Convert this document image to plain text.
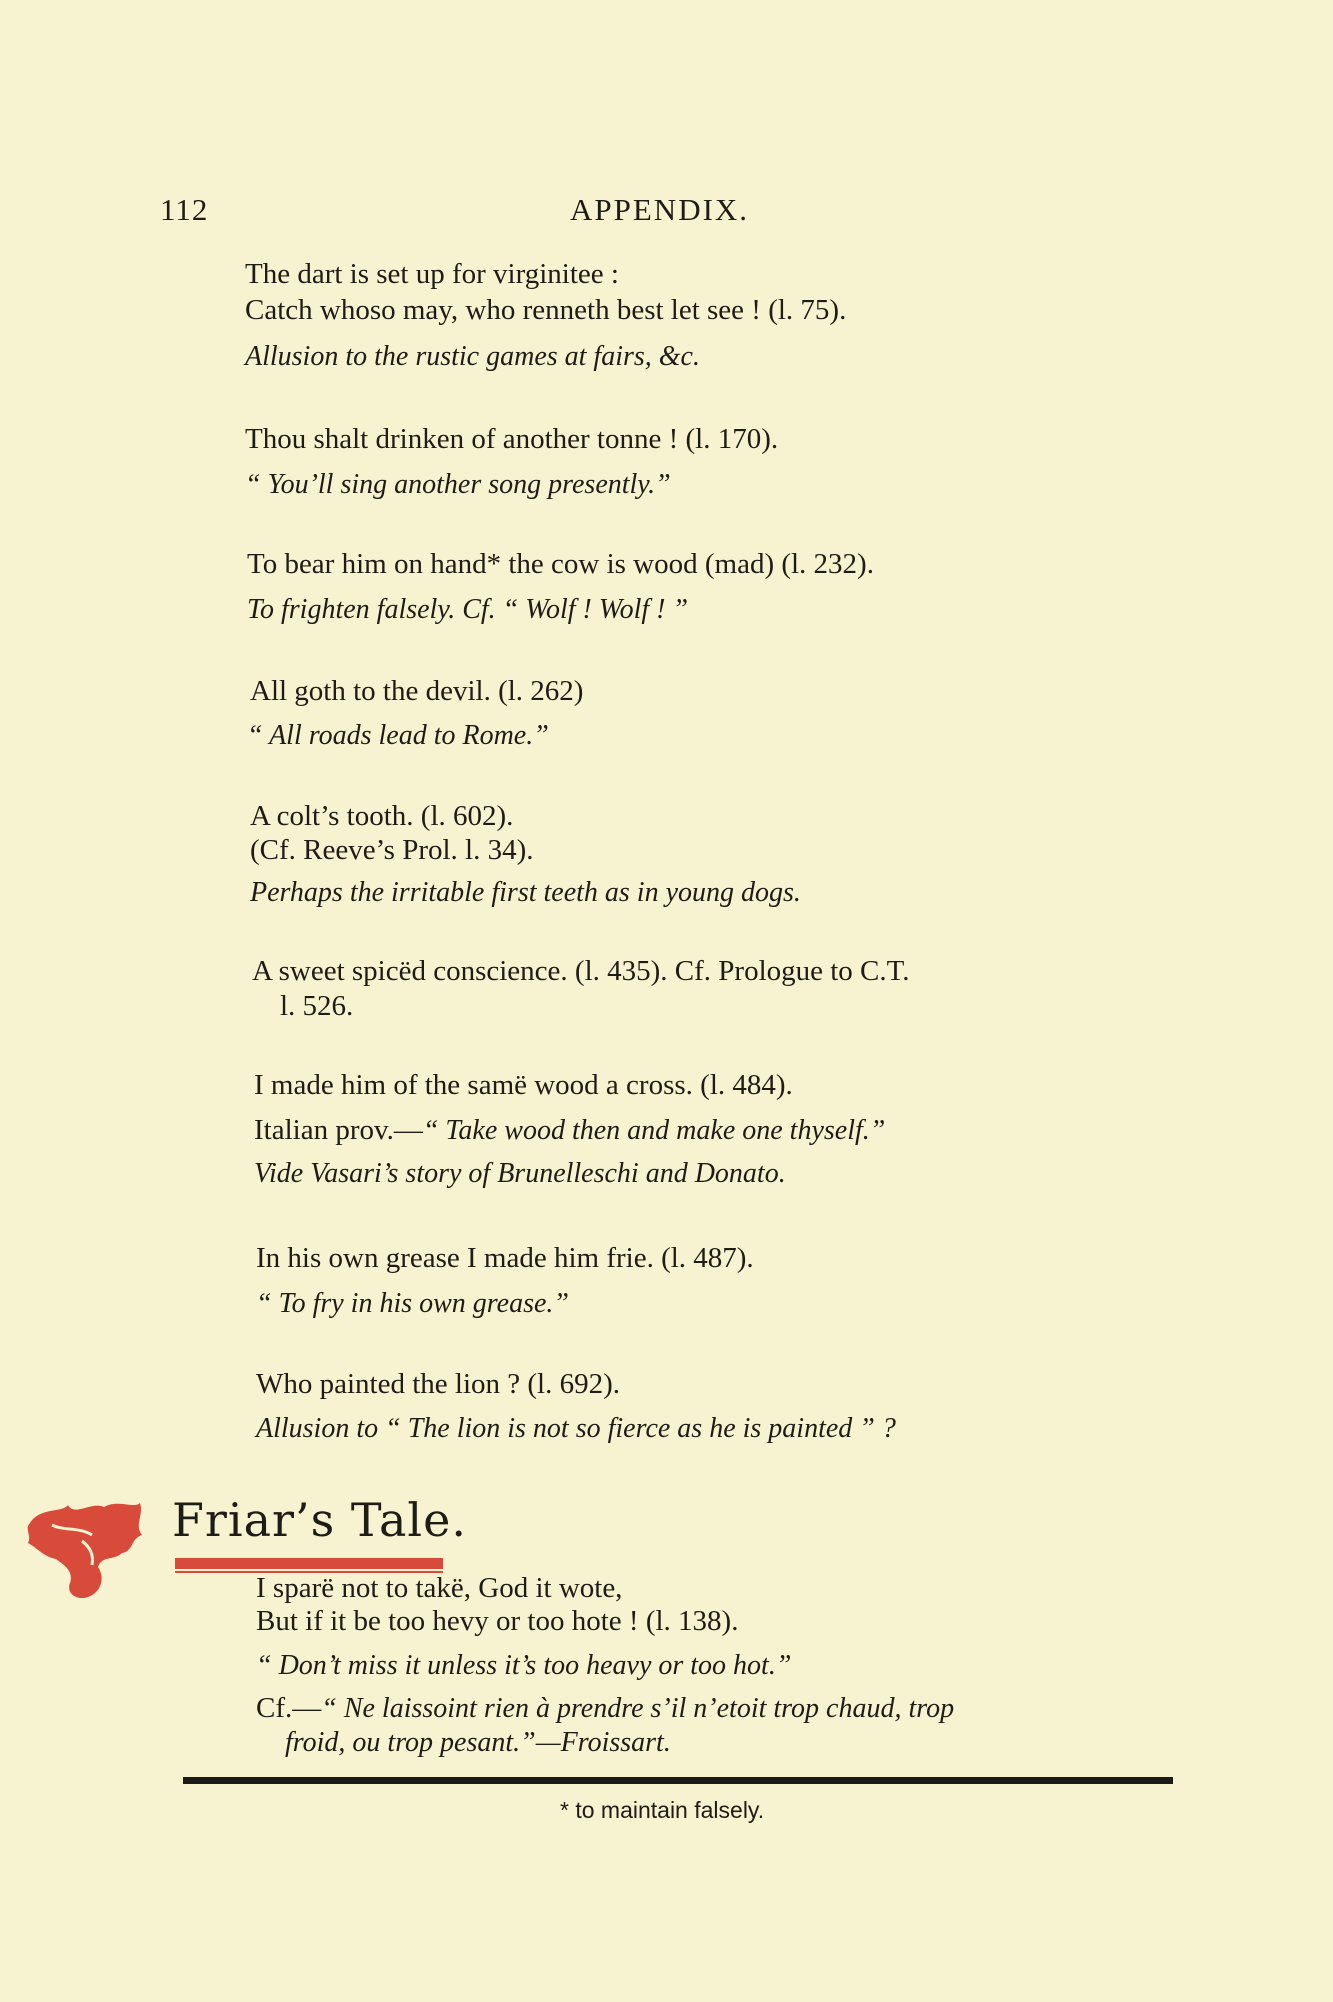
112	APPENDIX.
The dart is set up for virginitee :
Catch whoso may, who renneth best let see ! (l. 75).
Allusion to the rustic games at fairs, &c.
Thou shalt drinken of another tonne ! (l. 170).
“ You’ll sing another song presently.”
To bear him on hand* the cow is wood (mad) (l. 232).
To frighten falsely. Cf. “ Wolf ! Wolf ! ”
All goth to the devil. (l. 262)
“ All roads lead to Rome.”
A colt’s tooth. (l. 602).
(Cf. Reeve’s Prol. l. 34).
Perhaps the irritable first teeth as in young dogs.
A sweet spicëd conscience. (l. 435). Cf. Prologue to C.T.
l. 526.
I made him of the samë wood a cross. (l. 484).
Italian prov.—“ Take wood then and make one thyself.”
Vide Vasari’s story of Brunelleschi and Donato.
In his own grease I made him frie. (l. 487).
“ To fry in his own grease.”
Who painted the lion ? (l. 692).
Allusion to “ The lion is not so fierce as he is painted ” ?
Friar’s Tale.
I sparë not to takë, God it wote,
But if it be too hevy or too hote ! (l. 138).
“ Don’t miss it unless it’s too heavy or too hot.”
Cf.—“ Ne laissoint rien à prendre s’il n’etoit trop chaud, trop
froid, ou trop pesant.”—Froissart.
* to maintain falsely.
